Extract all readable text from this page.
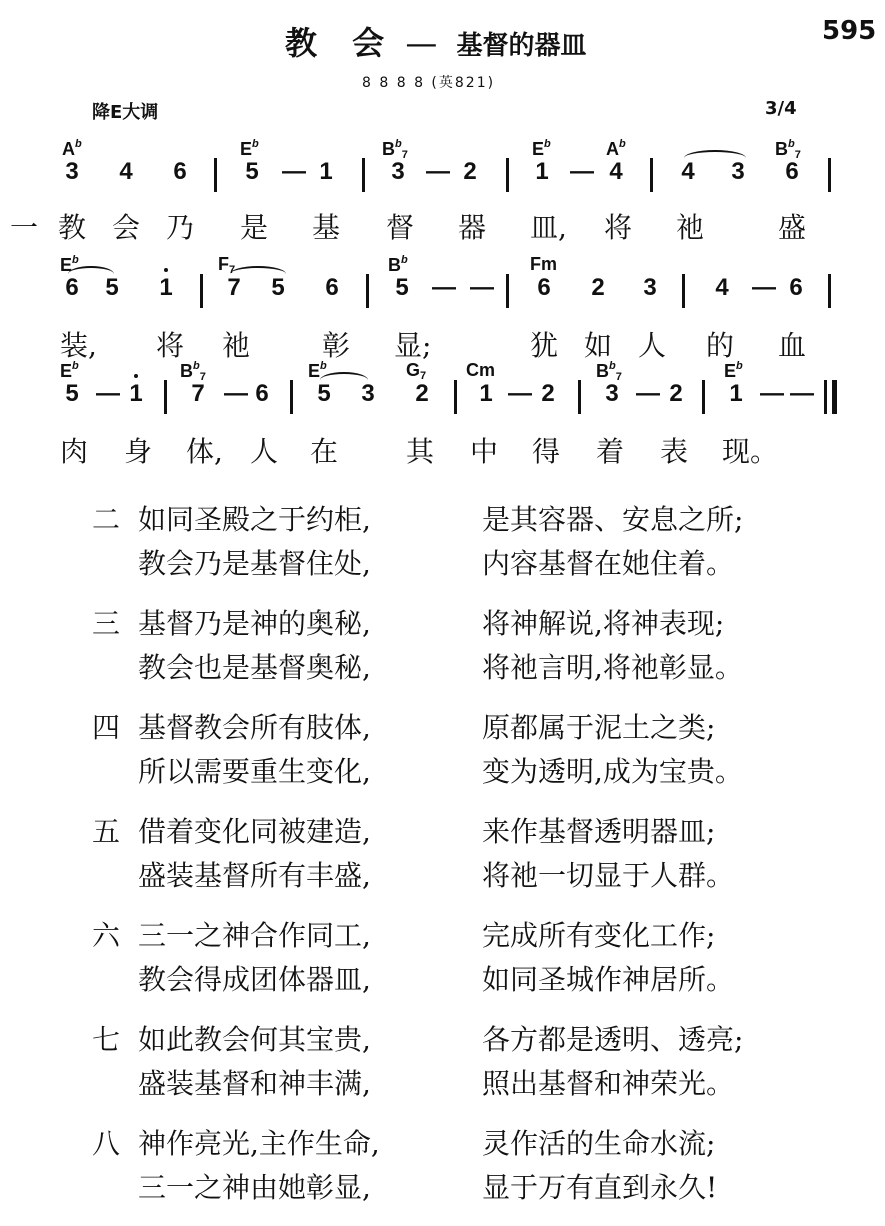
教 会 — 基督的器皿	595
8 8 8 8 (英821)
降E大调	3/4
$A^b$	$E^b$	$B^b_7$	$E^b$	$A^b$	$B^b_7$
3 4 6 5 — 1 3 — 2 1 — 4 4 3 6
一 教 会 乃 是 基 督 器 皿, 将 祂	盛
$E^b$	$F_7$	$B^b$	Fm
6 5 1 7 5 6 5 — — 6 2 3 4 — 6
装, 将 祂	彰 显;	犹 如 人 的 血
$E^b$	$B^b_7$	$E^b$	$G_7$ Cm	$B^b_7$	$E^b$
5 — 1 7 — 6 5 3 2 1 — 2 3 — 2 1 — —
肉 身 体, 人 在 其 中 得 着 表 现。
二 如同圣殿之于约柜,	是其容器、安息之所;
教会乃是基督住处,	内容基督在她住着。
三 基督乃是神的奥秘,	将神解说,将神表现;
教会也是基督奥秘,	将祂言明,将祂彰显。
四 基督教会所有肢体,	原都属于泥土之类;
所以需要重生变化,	变为透明,成为宝贵。
五 借着变化同被建造,	来作基督透明器皿;
盛装基督所有丰盛,	将祂一切显于人群。
六 三一之神合作同工,	完成所有变化工作;
教会得成团体器皿,	如同圣城作神居所。
七 如此教会何其宝贵,	各方都是透明、透亮;
盛装基督和神丰满,	照出基督和神荣光。
八 神作亮光,主作生命,	灵作活的生命水流;
三一之神由她彰显,	显于万有直到永久!
